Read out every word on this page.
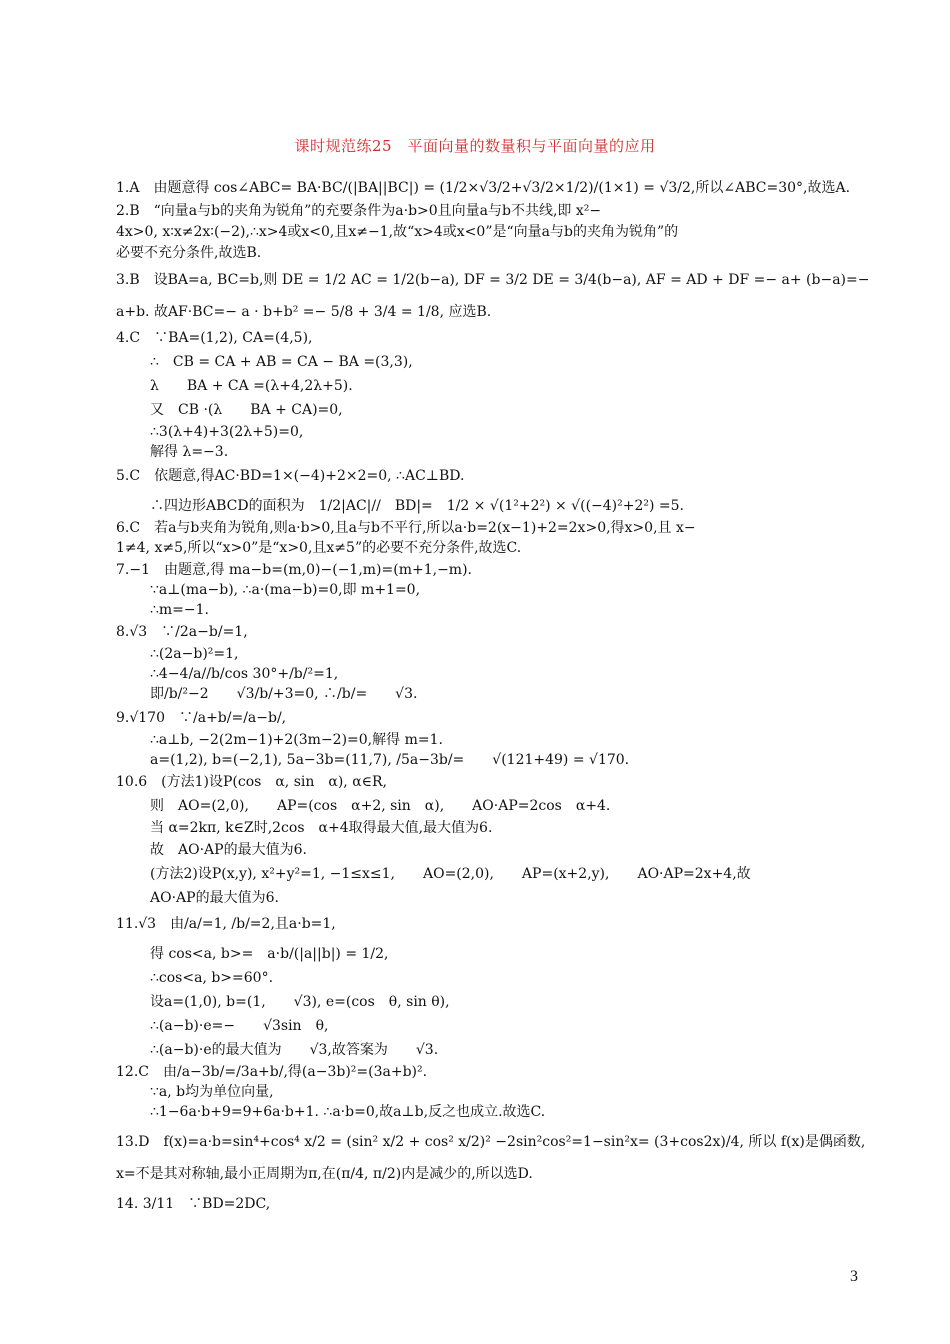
课时规范练25　平面向量的数量积与平面向量的应用
1.A　由题意得 cos∠ABC= BA·BC/(|BA||BC|) = (1/2×√3/2+√3/2×1/2)/(1×1) = √3/2,所以∠ABC=30°,故选A.
2.B　“向量a与b的夹角为锐角”的充要条件为a·b>0且向量a与b不共线,即 x²−
4x>0, x∶x≠2x∶(−2),∴x>4或x<0,且x≠−1,故“x>4或x<0”是“向量a与b的夹角为锐角”的
必要不充分条件,故选B.
3.B　设BA=a, BC=b,则 DE = 1/2 AC = 1/2(b−a), DF = 3/2 DE = 3/4(b−a), AF = AD + DF =− a+ (b−a)=−
a+b. 故AF·BC=− a · b+b² =− 5/8 + 3/4 = 1/8, 应选B.
4.C　∵BA=(1,2), CA=(4,5),
∴　CB = CA + AB = CA − BA =(3,3),
λ　　BA + CA =(λ+4,2λ+5).
又　CB ·(λ　　BA + CA)=0,
∴3(λ+4)+3(2λ+5)=0,
解得 λ=−3.
5.C　依题意,得AC·BD=1×(−4)+2×2=0, ∴AC⊥BD.
∴四边形ABCD的面积为　1/2|AC|//　BD|=　1/2 × √(1²+2²) × √((−4)²+2²) =5.
6.C　若a与b夹角为锐角,则a·b>0,且a与b不平行,所以a·b=2(x−1)+2=2x>0,得x>0,且 x−
1≠4, x≠5,所以“x>0”是“x>0,且x≠5”的必要不充分条件,故选C.
7.−1　由题意,得 ma−b=(m,0)−(−1,m)=(m+1,−m).
∵a⊥(ma−b), ∴a·(ma−b)=0,即 m+1=0,
∴m=−1.
8.√3　∵/2a−b/=1,
∴(2a−b)²=1,
∴4−4/a//b/cos 30°+/b/²=1,
即/b/²−2　　√3/b/+3=0, ∴/b/=　　√3.
9.√170　∵/a+b/=/a−b/,
∴a⊥b, −2(2m−1)+2(3m−2)=0,解得 m=1.
a=(1,2), b=(−2,1), 5a−3b=(11,7), /5a−3b/=　　√(121+49) = √170.
10.6　(方法1)设P(cos　α, sin　α), α∈R,
则　AO=(2,0),　　AP=(cos　α+2, sin　α),　　AO·AP=2cos　α+4.
当 α=2kπ, k∈Z时,2cos　α+4取得最大值,最大值为6.
故　AO·AP的最大值为6.
(方法2)设P(x,y), x²+y²=1, −1≤x≤1,　　AO=(2,0),　　AP=(x+2,y),　　AO·AP=2x+4,故
AO·AP的最大值为6.
11.√3　由/a/=1, /b/=2,且a·b=1,
得 cos<a, b>=　a·b/(|a||b|) = 1/2,
∴cos<a, b>=60°.
设a=(1,0), b=(1,　　√3), e=(cos　θ, sin θ),
∴(a−b)·e=−　　√3sin　θ,
∴(a−b)·e的最大值为　　√3,故答案为　　√3.
12.C　由/a−3b/=/3a+b/,得(a−3b)²=(3a+b)².
∵a, b均为单位向量,
∴1−6a·b+9=9+6a·b+1. ∴a·b=0,故a⊥b,反之也成立.故选C.
13.D　f(x)=a·b=sin⁴+cos⁴ x/2 = (sin² x/2 + cos² x/2)² −2sin²cos²=1−sin²x= (3+cos2x)/4, 所以 f(x)是偶函数,
x=不是其对称轴,最小正周期为π,在(π/4, π/2)内是减少的,所以选D.
14. 3/11　∵BD=2DC,
3
